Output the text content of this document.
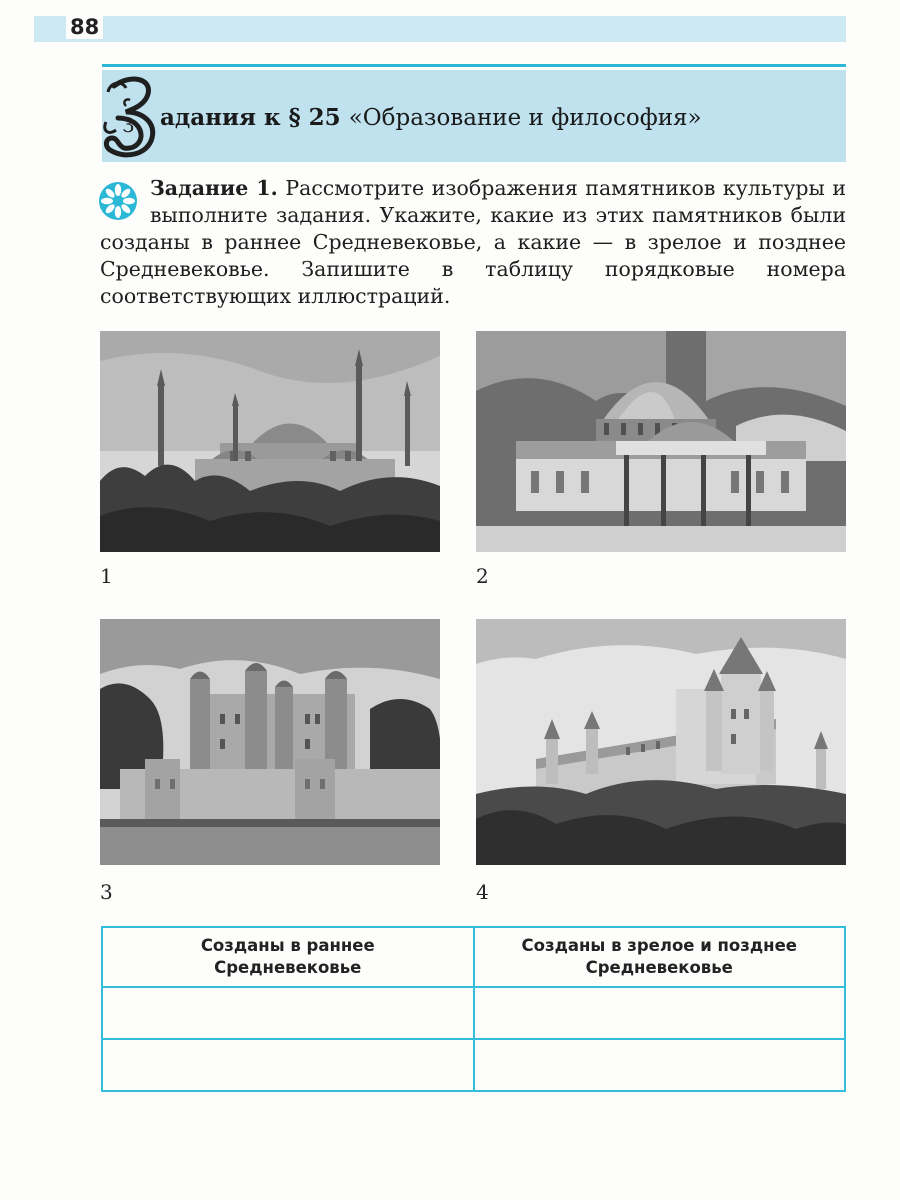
88
З адания к § 25 «Образование и философия»
Задание 1. Рассмотрите изображения памятников культуры и выполните задания. Укажите, какие из этих памятников были созданы в раннее Средневековье, а какие — в зрелое и позднее Средневековье. Запишите в таблицу порядковые номера соответствующих иллюстраций.
1	2
3	4
Созданы в раннее Средневековье	Созданы в зрелое и позднее Средневековье
